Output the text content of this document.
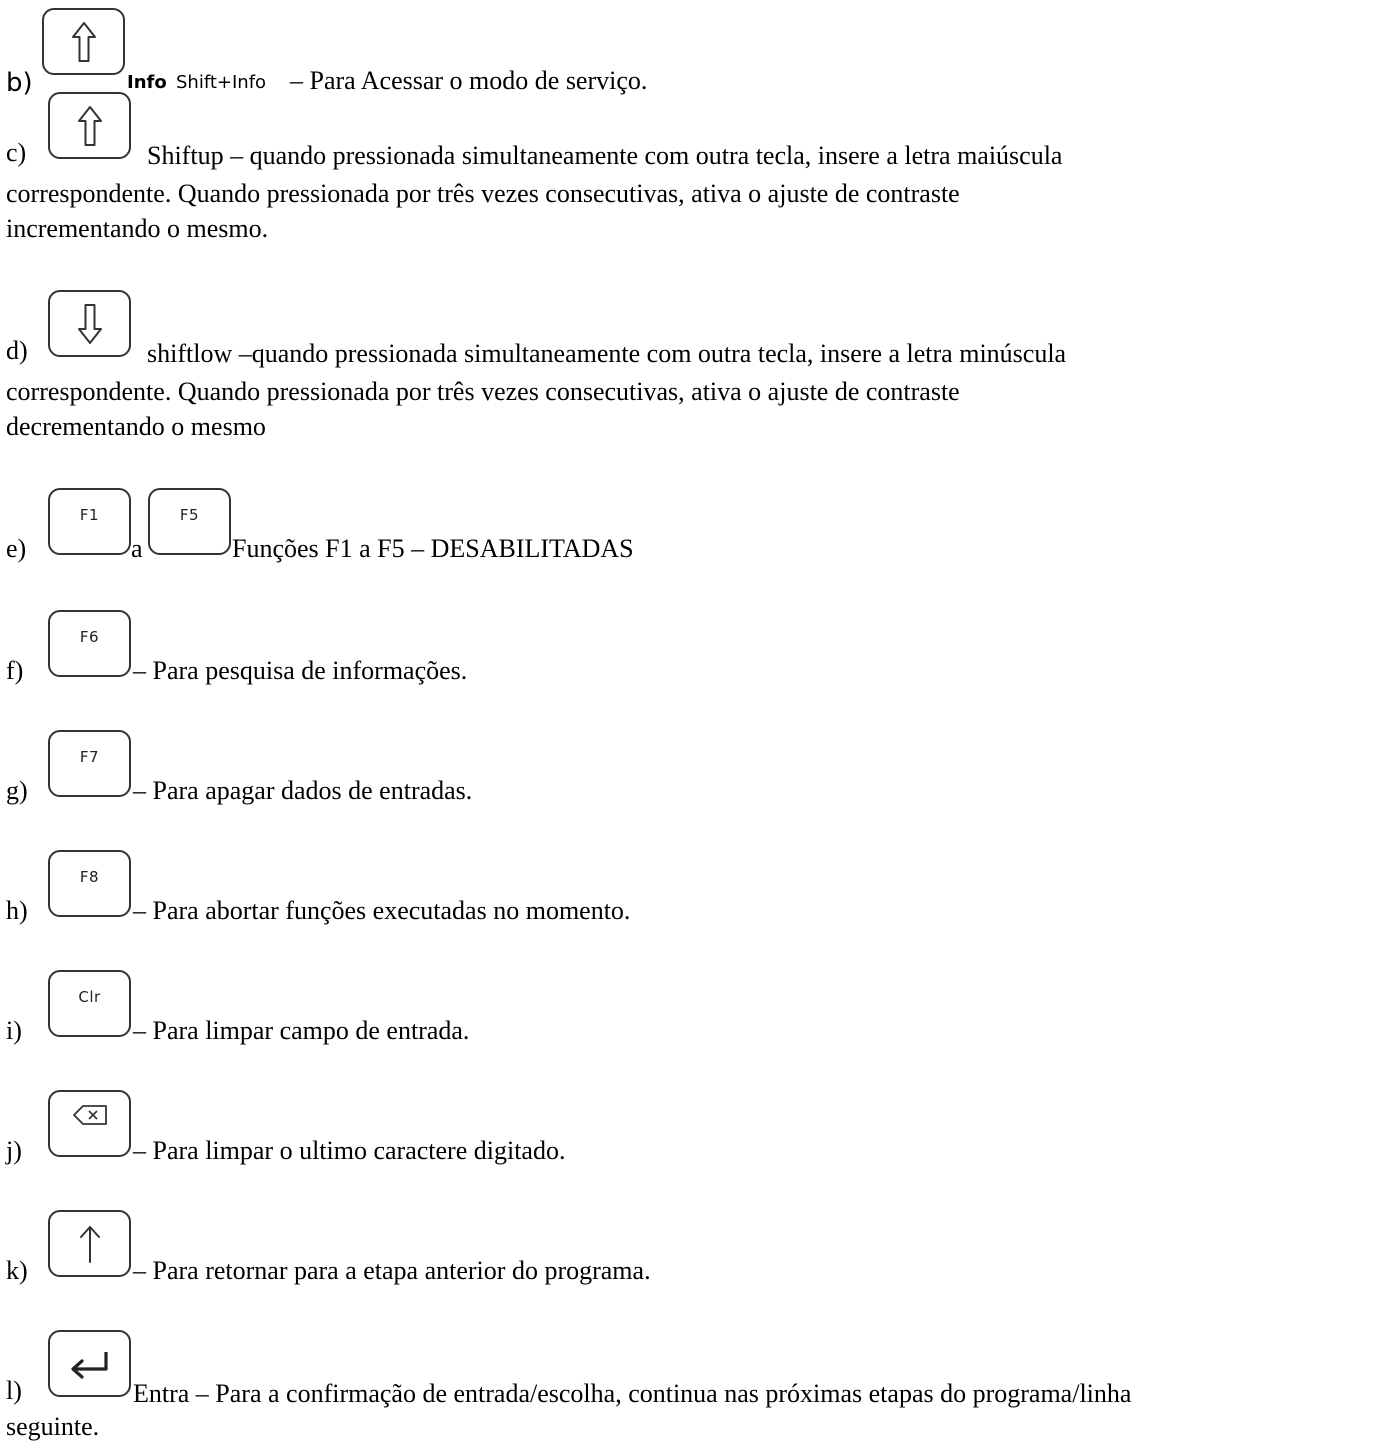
b)	Info Shift+Info – Para Acessar o modo de serviço.
c)	Shiftup – quando pressionada simultaneamente com outra tecla, insere a letra maiúscula
correspondente. Quando pressionada por três vezes consecutivas, ativa o ajuste de contraste
incrementando o mesmo.
d)	shiftlow –quando pressionada simultaneamente com outra tecla, insere a letra minúscula
correspondente. Quando pressionada por três vezes consecutivas, ativa o ajuste de contraste
decrementando o mesmo
e)
F1
a
F5
Funções F1 a F5 – DESABILITADAS
f)
F6
– Para pesquisa de informações.
g)
F7
– Para apagar dados de entradas.
h)
F8
– Para abortar funções executadas no momento.
i)
Clr
– Para limpar campo de entrada.
j)	– Para limpar o ultimo caractere digitado.
k)	– Para retornar para a etapa anterior do programa.
l)	Entra – Para a confirmação de entrada/escolha, continua nas próximas etapas do programa/linha
seguinte.
